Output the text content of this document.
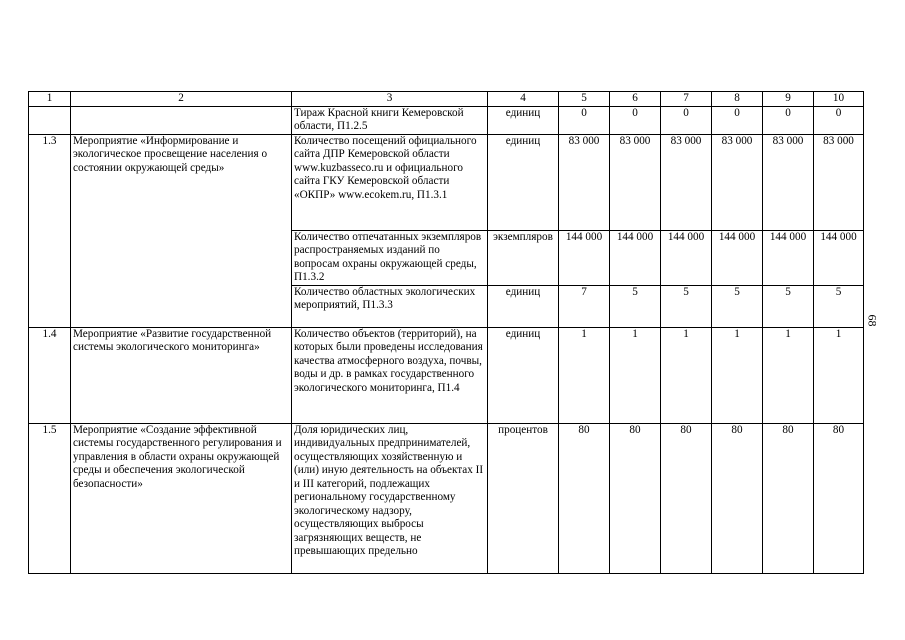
1	2	3	4	5	6	7	8	9	10
		Тираж Красной книги Кемеровской области, П1.2.5	единиц	0	0	0	0	0	0
1.3	Мероприятие «Информирование и экологическое просвещение населения о состоянии окружающей среды»	Количество посещений официального сайта ДПР Кемеровской области www.kuzbasseco.ru и официального сайта ГКУ Кемеровской области «ОКПР» www.ecokem.ru, П1.3.1	единиц	83 000	83 000	83 000	83 000	83 000	83 000
		Количество отпечатанных экземпляров распространяемых изданий по вопросам охраны окружающей среды, П1.3.2	экземпляров	144 000	144 000	144 000	144 000	144 000	144 000
		Количество областных экологических мероприятий, П1.3.3	единиц	7	5	5	5	5	5
1.4	Мероприятие «Развитие государственной системы экологического мониторинга»	Количество объектов (территорий), на которых были проведены исследования качества атмосферного воздуха, почвы, воды и др. в рамках государственного экологического мониторинга, П1.4	единиц	1	1	1	1	1	1
1.5	Мероприятие «Создание эффективной системы государственного регулирования и управления в области охраны окружающей среды и обеспечения экологической безопасности»	Доля юридических лиц, индивидуальных предпринимателей, осуществляющих хозяйственную и (или) иную деятельность на объектах II и III категорий, подлежащих региональному государственному экологическому надзору, осуществляющих выбросы загрязняющих веществ, не превышающих предельно	процентов	80	80	80	80	80	80
68
